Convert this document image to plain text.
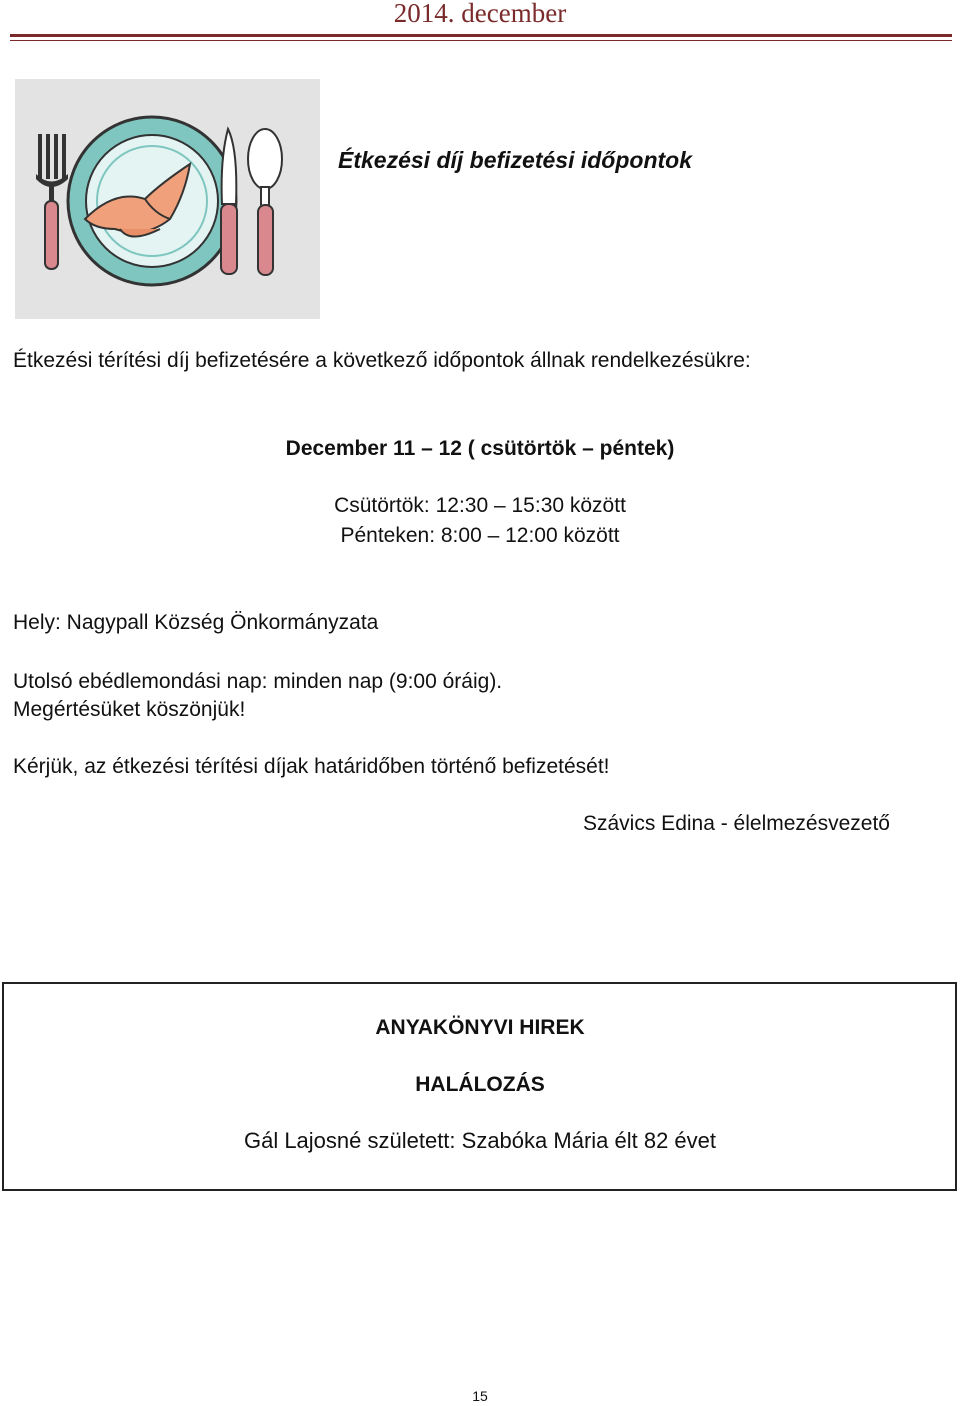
2014. december
Étkezési díj befizetési időpontok
Étkezési térítési díj befizetésére a következő időpontok állnak rendelkezésükre:
December 11 – 12 ( csütörtök – péntek)
Csütörtök: 12:30 – 15:30 között
Pénteken: 8:00 – 12:00 között
Hely: Nagypall Község Önkormányzata
Utolsó ebédlemondási nap: minden nap (9:00 óráig).
Megértésüket köszönjük!
Kérjük, az étkezési térítési díjak határidőben történő befizetését!
Szávics Edina - élelmezésvezető
ANYAKÖNYVI HIREK
HALÁLOZÁS
Gál Lajosné született: Szabóka Mária élt 82 évet
15
